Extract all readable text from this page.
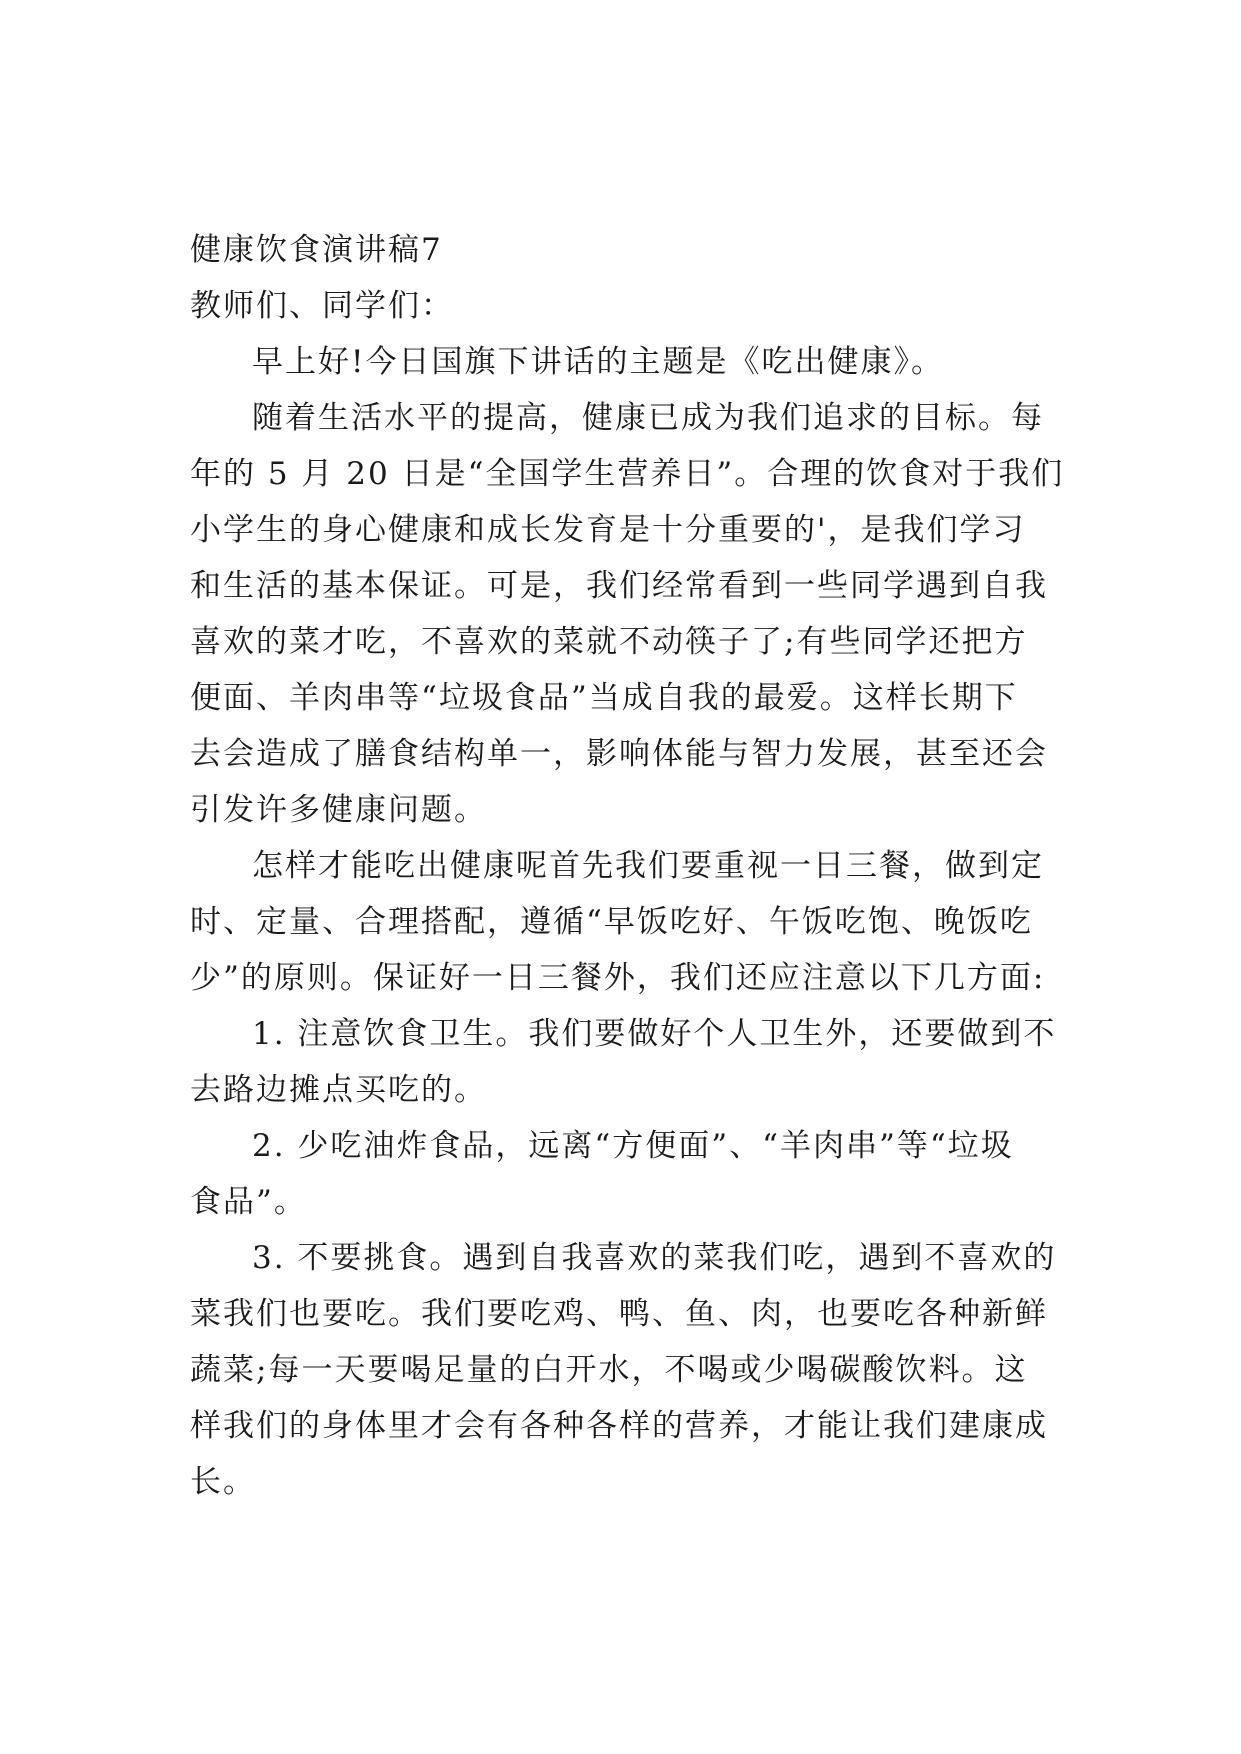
健康饮食演讲稿7
教师们、同学们：
早上好!今日国旗下讲话的主题是《吃出健康》。
随着生活水平的提高，健康已成为我们追求的目标。每
年的 5 月 20 日是“全国学生营养日”。合理的饮食对于我们
小学生的身心健康和成长发育是十分重要的'，是我们学习
和生活的基本保证。可是，我们经常看到一些同学遇到自我
喜欢的菜才吃，不喜欢的菜就不动筷子了;有些同学还把方
便面、羊肉串等“垃圾食品”当成自我的最爱。这样长期下
去会造成了膳食结构单一，影响体能与智力发展，甚至还会
引发许多健康问题。
怎样才能吃出健康呢首先我们要重视一日三餐，做到定
时、定量、合理搭配，遵循“早饭吃好、午饭吃饱、晚饭吃
少”的原则。保证好一日三餐外，我们还应注意以下几方面:
1. 注意饮食卫生。我们要做好个人卫生外，还要做到不
去路边摊点买吃的。
2. 少吃油炸食品，远离“方便面”、“羊肉串”等“垃圾
食品”。
3. 不要挑食。遇到自我喜欢的菜我们吃，遇到不喜欢的
菜我们也要吃。我们要吃鸡、鸭、鱼、肉，也要吃各种新鲜
蔬菜;每一天要喝足量的白开水，不喝或少喝碳酸饮料。这
样我们的身体里才会有各种各样的营养，才能让我们建康成
长。
